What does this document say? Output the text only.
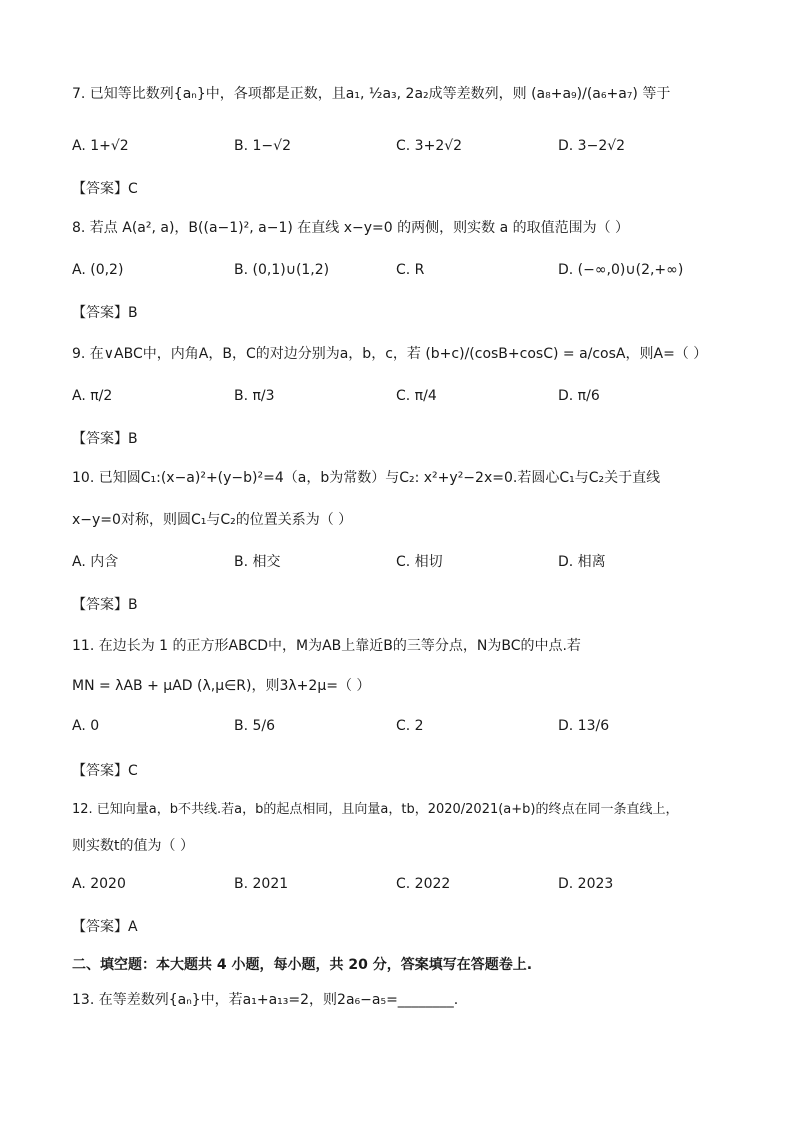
7. 已知等比数列{aₙ}中，各项都是正数，且a₁, ½a₃, 2a₂成等差数列，则 (a₈+a₉)/(a₆+a₇) 等于
A. 1+√2	B. 1−√2	C. 3+2√2	D. 3−2√2
【答案】C
8. 若点 A(a², a)，B((a−1)², a−1) 在直线 x−y=0 的两侧，则实数 a 的取值范围为（ ）
A. (0,2)	B. (0,1)∪(1,2)	C. R	D. (−∞,0)∪(2,+∞)
【答案】B
9. 在∨ABC中，内角A，B，C的对边分别为a，b，c，若 (b+c)/(cosB+cosC) = a/cosA，则A=（ ）
A. π/2	B. π/3	C. π/4	D. π/6
【答案】B
10. 已知圆C₁:(x−a)²+(y−b)²=4（a，b为常数）与C₂: x²+y²−2x=0.若圆心C₁与C₂关于直线
x−y=0对称，则圆C₁与C₂的位置关系为（ ）
A. 内含	B. 相交	C. 相切	D. 相离
【答案】B
11. 在边长为 1 的正方形ABCD中，M为AB上靠近B的三等分点，N为BC的中点.若
MN = λAB + μAD (λ,μ∈R)，则3λ+2μ=（ ）
A. 0	B. 5/6	C. 2	D. 13/6
【答案】C
12. 已知向量a，b不共线.若a，b的起点相同，且向量a，tb，2020/2021(a+b)的终点在同一条直线上，
则实数t的值为（ ）
A. 2020	B. 2021	C. 2022	D. 2023
【答案】A
二、填空题：本大题共 4 小题，每小题，共 20 分，答案填写在答题卷上.
13. 在等差数列{aₙ}中，若a₁+a₁₃=2，则2a₆−a₅=________.
